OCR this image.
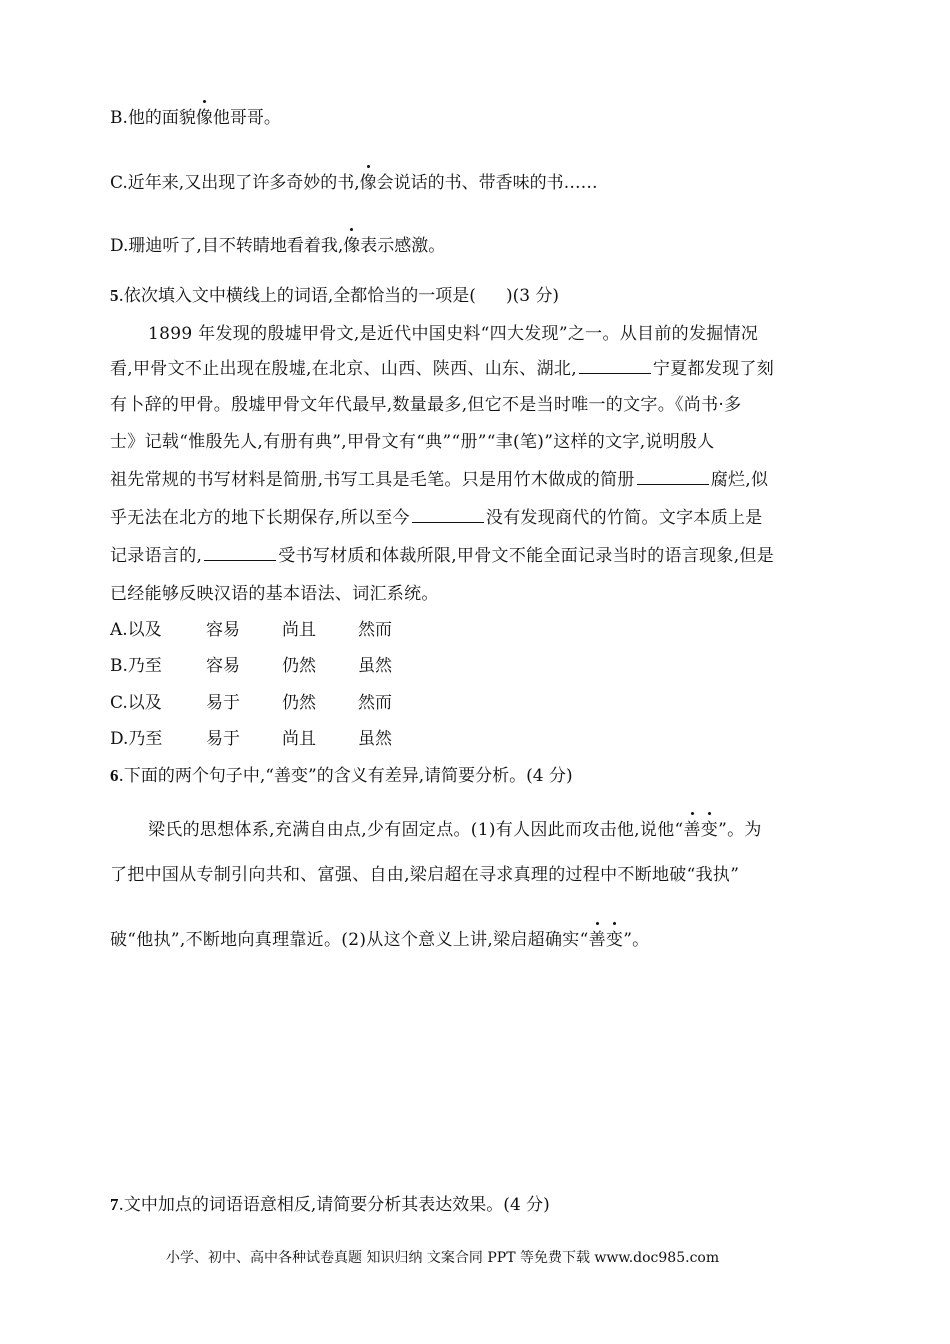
B.他的面貌像他哥哥。
C.近年来,又出现了许多奇妙的书,像会说话的书、带香味的书……
D.珊迪听了,目不转睛地看着我,像表示感激。
5.依次填入文中横线上的词语,全都恰当的一项是( )(3 分)
1899 年发现的殷墟甲骨文,是近代中国史料“四大发现”之一。从目前的发掘情况
看,甲骨文不止出现在殷墟,在北京、山西、陕西、山东、湖北,	宁夏都发现了刻
有卜辞的甲骨。殷墟甲骨文年代最早,数量最多,但它不是当时唯一的文字。《尚书·多
士》记载“惟殷先人,有册有典”,甲骨文有“典”“册”“聿(笔)”这样的文字,说明殷人
祖先常规的书写材料是简册,书写工具是毛笔。只是用竹木做成的简册	腐烂,似
乎无法在北方的地下长期保存,所以至今	没有发现商代的竹简。文字本质上是
记录语言的,	受书写材质和体裁所限,甲骨文不能全面记录当时的语言现象,但是
已经能够反映汉语的基本语法、词汇系统。
A.以及	容易 尚且 然而
B.乃至	容易 仍然 虽然
C.以及	易于 仍然 然而
D.乃至	易于 尚且 虽然
6.下面的两个句子中,“善变”的含义有差异,请简要分析。(4 分)
梁氏的思想体系,充满自由点,少有固定点。(1)有人因此而攻击他,说他“善变”。为
了把中国从专制引向共和、富强、自由,梁启超在寻求真理的过程中不断地破“我执”
破“他执”,不断地向真理靠近。(2)从这个意义上讲,梁启超确实“善变”。
7.文中加点的词语语意相反,请简要分析其表达效果。(4 分)
小学、初中、高中各种试卷真题 知识归纳 文案合同 PPT 等免费下载 www.doc985.com
